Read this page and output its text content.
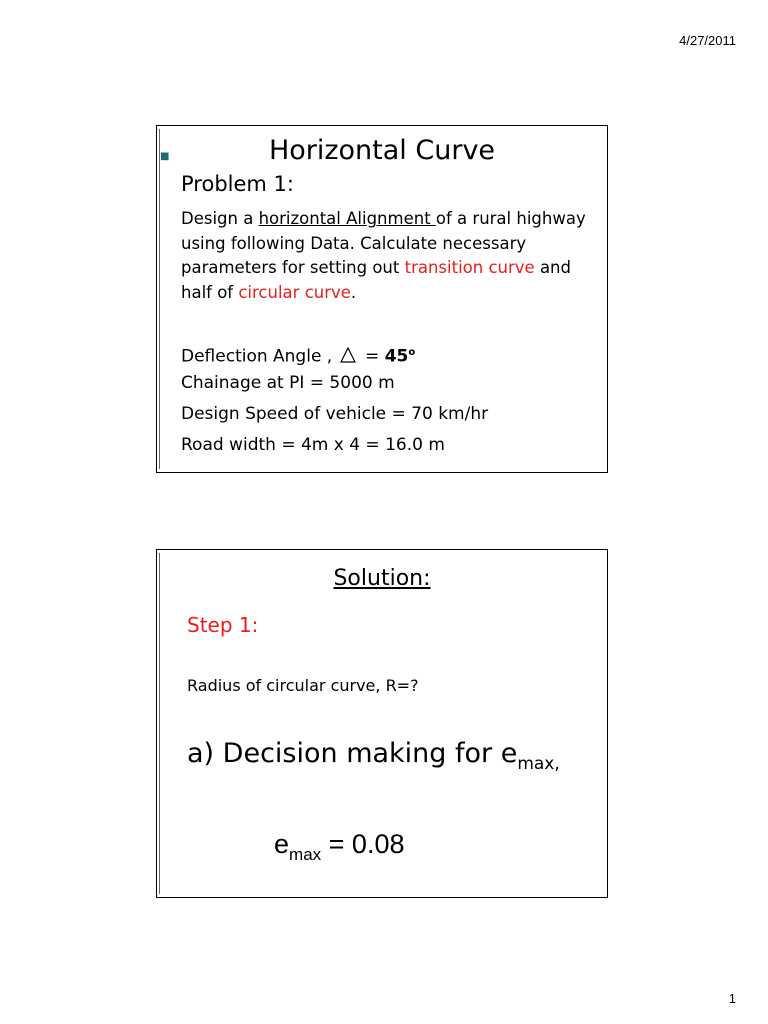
4/27/2011
■	Horizontal Curve
Problem 1:
Design a horizontal Alignment of a rural highway using following Data. Calculate necessary parameters for setting out transition curve and half of circular curve.
Deflection Angle , = $45^o$
Chainage at PI = 5000 m
Design Speed of vehicle = 70 km/hr
Road width = 4m x 4 = 16.0 m
Solution:
Step 1:
Radius of circular curve, R=?
a) Decision making for $e_{max,}$
$e_{max} = 0.08$
1
